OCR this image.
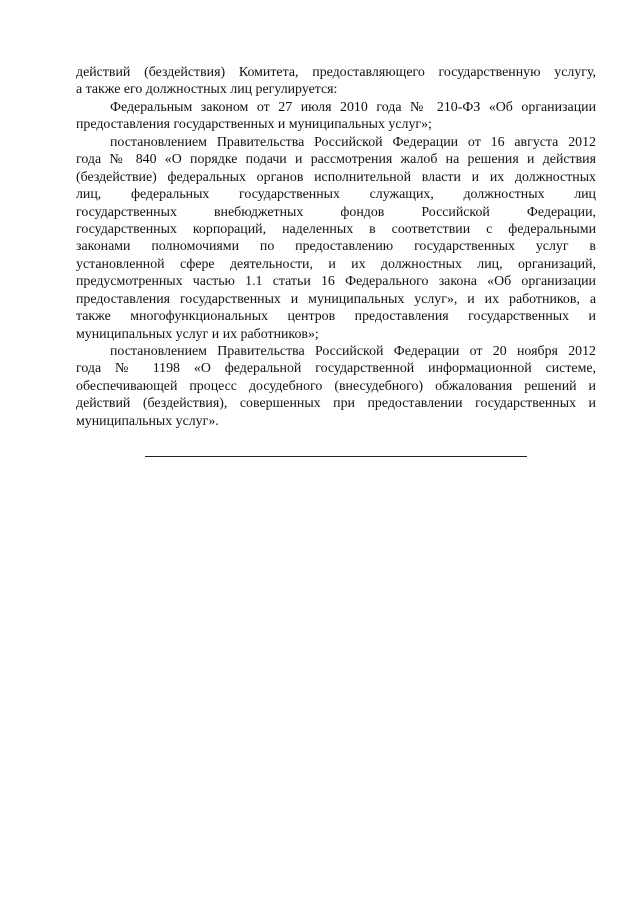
действий (бездействия) Комитета, предоставляющего государственную услугу,
а также его должностных лиц регулируется:
Федеральным законом от 27 июля 2010 года № 210-ФЗ «Об организации
предоставления государственных и муниципальных услуг»;
постановлением Правительства Российской Федерации от 16 августа 2012
года № 840 «О порядке подачи и рассмотрения жалоб на решения и действия
(бездействие) федеральных органов исполнительной власти и их должностных
лиц, федеральных государственных служащих, должностных лиц
государственных внебюджетных фондов Российской Федерации,
государственных корпораций, наделенных в соответствии с федеральными
законами полномочиями по предоставлению государственных услуг в
установленной сфере деятельности, и их должностных лиц, организаций,
предусмотренных частью 1.1 статьи 16 Федерального закона «Об организации
предоставления государственных и муниципальных услуг», и их работников, а
также многофункциональных центров предоставления государственных и
муниципальных услуг и их работников»;
постановлением Правительства Российской Федерации от 20 ноября 2012
года № 1198 «О федеральной государственной информационной системе,
обеспечивающей процесс досудебного (внесудебного) обжалования решений и
действий (бездействия), совершенных при предоставлении государственных и
муниципальных услуг».
